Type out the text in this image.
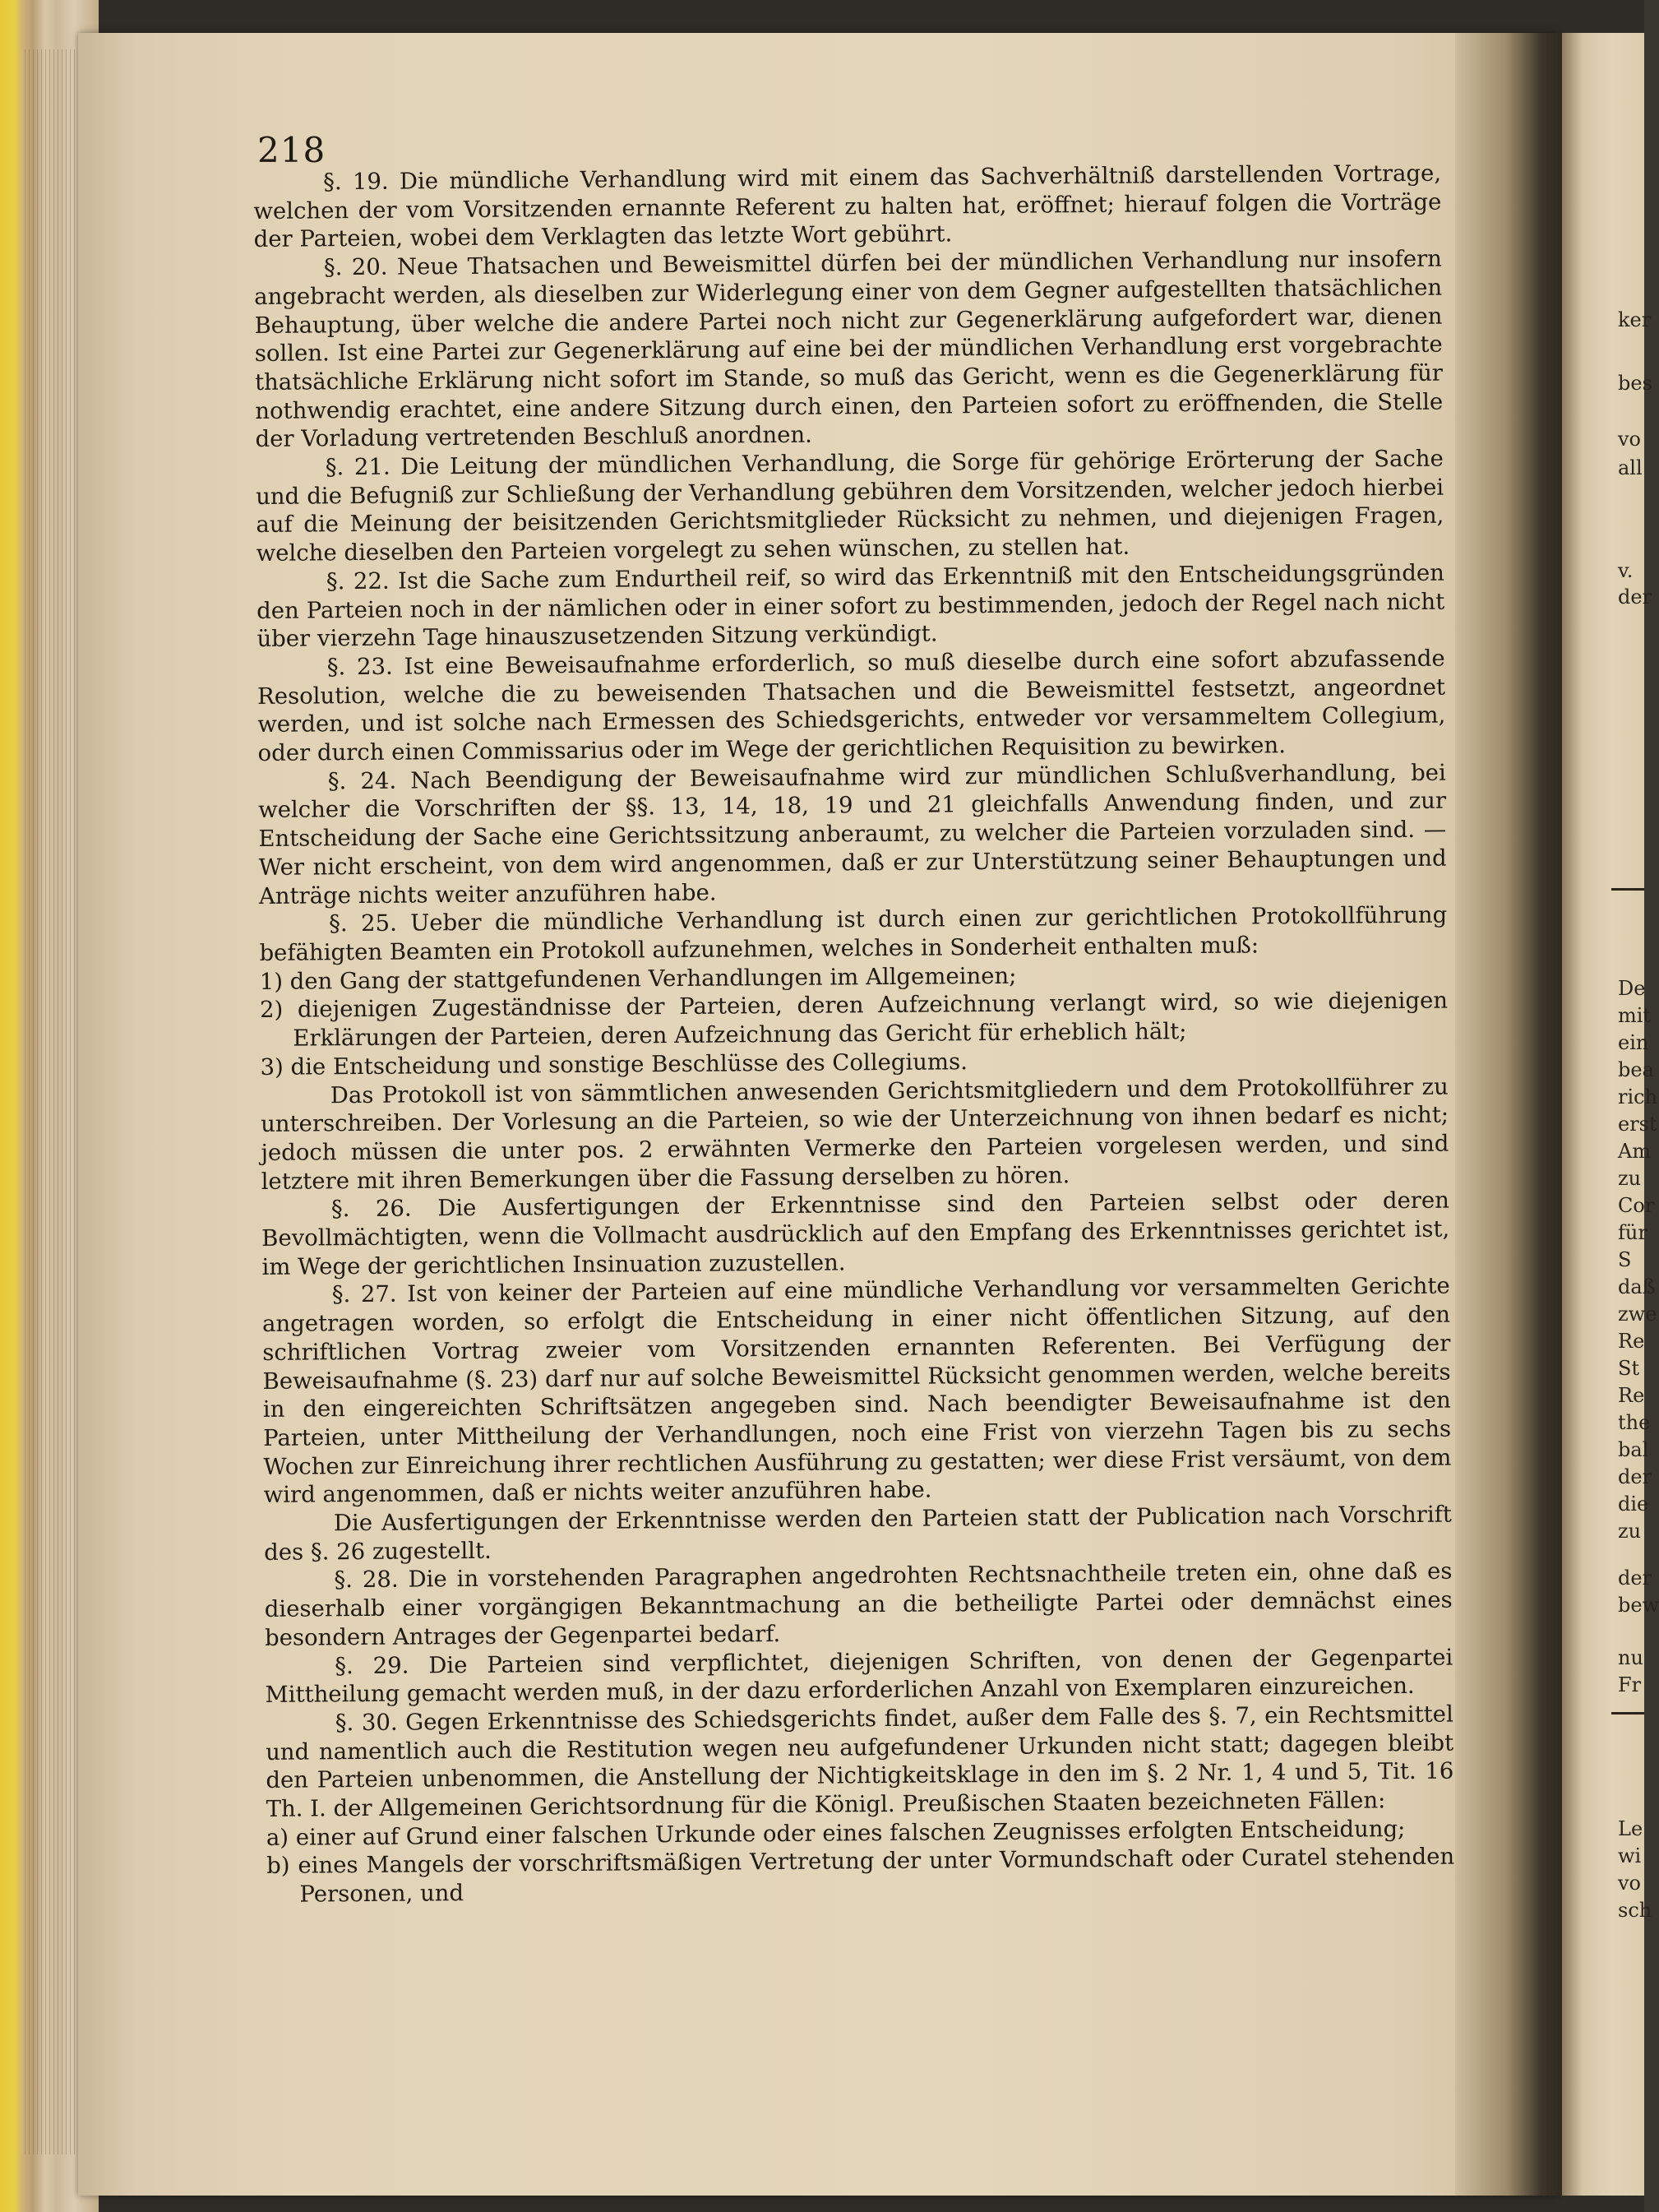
218

§. 19. Die mündliche Verhandlung wird mit einem das Sachverhältniß darstellenden Vortrage, welchen der vom Vorsitzenden ernannte Referent zu halten hat, eröffnet; hierauf folgen die Vorträge der Parteien, wobei dem Verklagten das letzte Wort gebührt.

§. 20. Neue Thatsachen und Beweismittel dürfen bei der mündlichen Verhandlung nur insofern angebracht werden, als dieselben zur Widerlegung einer von dem Gegner aufgestellten thatsächlichen Behauptung, über welche die andere Partei noch nicht zur Gegenerklärung aufgefordert war, dienen sollen. Ist eine Partei zur Gegenerklärung auf eine bei der mündlichen Verhandlung erst vorgebrachte thatsächliche Erklärung nicht sofort im Stande, so muß das Gericht, wenn es die Gegenerklärung für nothwendig erachtet, eine andere Sitzung durch einen, den Parteien sofort zu eröffnenden, die Stelle der Vorladung vertretenden Beschluß anordnen.

§. 21. Die Leitung der mündlichen Verhandlung, die Sorge für gehörige Erörterung der Sache und die Befugniß zur Schließung der Verhandlung gebühren dem Vorsitzenden, welcher jedoch hierbei auf die Meinung der beisitzenden Gerichtsmitglieder Rücksicht zu nehmen, und diejenigen Fragen, welche dieselben den Parteien vorgelegt zu sehen wünschen, zu stellen hat.

§. 22. Ist die Sache zum Endurtheil reif, so wird das Erkenntniß mit den Entscheidungsgründen den Parteien noch in der nämlichen oder in einer sofort zu bestimmenden, jedoch der Regel nach nicht über vierzehn Tage hinauszusetzenden Sitzung verkündigt.

§. 23. Ist eine Beweisaufnahme erforderlich, so muß dieselbe durch eine sofort abzufassende Resolution, welche die zu beweisenden Thatsachen und die Beweismittel festsetzt, angeordnet werden, und ist solche nach Ermessen des Schiedsgerichts, entweder vor versammeltem Collegium, oder durch einen Commissarius oder im Wege der gerichtlichen Requisition zu bewirken.

§. 24. Nach Beendigung der Beweisaufnahme wird zur mündlichen Schlußverhandlung, bei welcher die Vorschriften der §§. 13, 14, 18, 19 und 21 gleichfalls Anwendung finden, und zur Entscheidung der Sache eine Gerichtssitzung anberaumt, zu welcher die Parteien vorzuladen sind. — Wer nicht erscheint, von dem wird angenommen, daß er zur Unterstützung seiner Behauptungen und Anträge nichts weiter anzuführen habe.

§. 25. Ueber die mündliche Verhandlung ist durch einen zur gerichtlichen Protokollführung befähigten Beamten ein Protokoll aufzunehmen, welches in Sonderheit enthalten muß:

1) den Gang der stattgefundenen Verhandlungen im Allgemeinen;

2) diejenigen Zugeständnisse der Parteien, deren Aufzeichnung verlangt wird, so wie diejenigen Erklärungen der Parteien, deren Aufzeichnung das Gericht für erheblich hält;

3) die Entscheidung und sonstige Beschlüsse des Collegiums.

Das Protokoll ist von sämmtlichen anwesenden Gerichtsmitgliedern und dem Protokollführer zu unterschreiben. Der Vorlesung an die Parteien, so wie der Unterzeichnung von ihnen bedarf es nicht; jedoch müssen die unter pos. 2 erwähnten Vermerke den Parteien vorgelesen werden, und sind letztere mit ihren Bemerkungen über die Fassung derselben zu hören.

§. 26. Die Ausfertigungen der Erkenntnisse sind den Parteien selbst oder deren Bevollmächtigten, wenn die Vollmacht ausdrücklich auf den Empfang des Erkenntnisses gerichtet ist, im Wege der gerichtlichen Insinuation zuzustellen.

§. 27. Ist von keiner der Parteien auf eine mündliche Verhandlung vor versammelten Gerichte angetragen worden, so erfolgt die Entscheidung in einer nicht öffentlichen Sitzung, auf den schriftlichen Vortrag zweier vom Vorsitzenden ernannten Referenten. Bei Verfügung der Beweisaufnahme (§. 23) darf nur auf solche Beweismittel Rücksicht genommen werden, welche bereits in den eingereichten Schriftsätzen angegeben sind. Nach beendigter Beweisaufnahme ist den Parteien, unter Mittheilung der Verhandlungen, noch eine Frist von vierzehn Tagen bis zu sechs Wochen zur Einreichung ihrer rechtlichen Ausführung zu gestatten; wer diese Frist versäumt, von dem wird angenommen, daß er nichts weiter anzuführen habe.

Die Ausfertigungen der Erkenntnisse werden den Parteien statt der Publication nach Vorschrift des §. 26 zugestellt.

§. 28. Die in vorstehenden Paragraphen angedrohten Rechtsnachtheile treten ein, ohne daß es dieserhalb einer vorgängigen Bekanntmachung an die betheiligte Partei oder demnächst eines besondern Antrages der Gegenpartei bedarf.

§. 29. Die Parteien sind verpflichtet, diejenigen Schriften, von denen der Gegenpartei Mittheilung gemacht werden muß, in der dazu erforderlichen Anzahl von Exemplaren einzureichen.

§. 30. Gegen Erkenntnisse des Schiedsgerichts findet, außer dem Falle des §. 7, ein Rechtsmittel und namentlich auch die Restitution wegen neu aufgefundener Urkunden nicht statt; dagegen bleibt den Parteien unbenommen, die Anstellung der Nichtigkeitsklage in den im §. 2 Nr. 1, 4 und 5, Tit. 16 Th. I. der Allgemeinen Gerichtsordnung für die Königl. Preußischen Staaten bezeichneten Fällen:

a) einer auf Grund einer falschen Urkunde oder eines falschen Zeugnisses erfolgten Entscheidung;

b) eines Mangels der vorschriftsmäßigen Vertretung der unter Vormundschaft oder Curatel stehenden Personen, und

ker
bes
vo
all
v.
der
De
mit
ein
bea
rich
erst
Am
zu
Cor
für
S
daß
zwe
Re
St
Re
the
bal
der
die
zu
der
bew
nu
Fr
Le
wi
vo
sch
